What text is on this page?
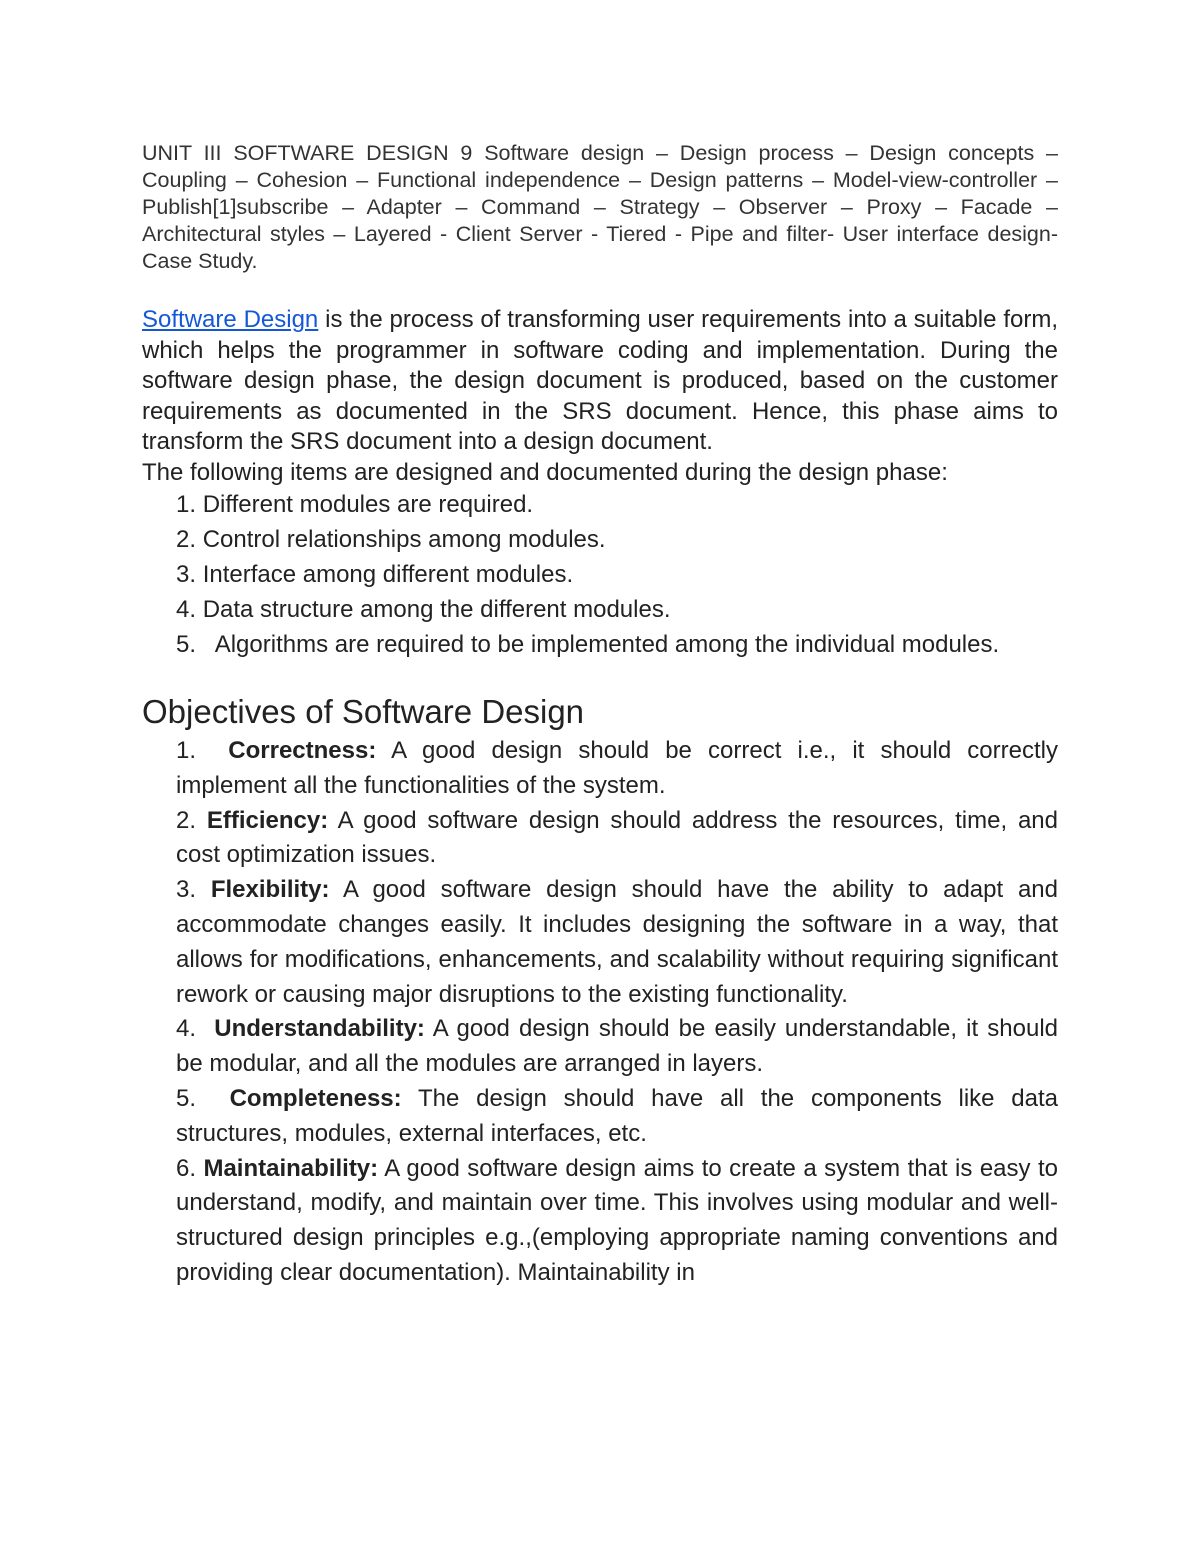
UNIT III SOFTWARE DESIGN 9 Software design – Design process – Design concepts – Coupling – Cohesion – Functional independence – Design patterns – Model-view-controller – Publish[1]subscribe – Adapter – Command – Strategy – Observer – Proxy – Facade – Architectural styles – Layered - Client Server - Tiered - Pipe and filter- User interface design-Case Study.

Software Design is the process of transforming user requirements into a suitable form, which helps the programmer in software coding and implementation. During the software design phase, the design document is produced, based on the customer requirements as documented in the SRS document. Hence, this phase aims to transform the SRS document into a design document.

The following items are designed and documented during the design phase:

1. Different modules are required.
2. Control relationships among modules.
3. Interface among different modules.
4. Data structure among the different modules.
5. Algorithms are required to be implemented among the individual modules.
Objectives of Software Design
1. Correctness: A good design should be correct i.e., it should correctly implement all the functionalities of the system.
2. Efficiency: A good software design should address the resources, time, and cost optimization issues.
3. Flexibility: A good software design should have the ability to adapt and accommodate changes easily. It includes designing the software in a way, that allows for modifications, enhancements, and scalability without requiring significant rework or causing major disruptions to the existing functionality.
4. Understandability: A good design should be easily understandable, it should be modular, and all the modules are arranged in layers.
5. Completeness: The design should have all the components like data structures, modules, external interfaces, etc.
6. Maintainability: A good software design aims to create a system that is easy to understand, modify, and maintain over time. This involves using modular and well-structured design principles e.g.,(employing appropriate naming conventions and providing clear documentation). Maintainability in
